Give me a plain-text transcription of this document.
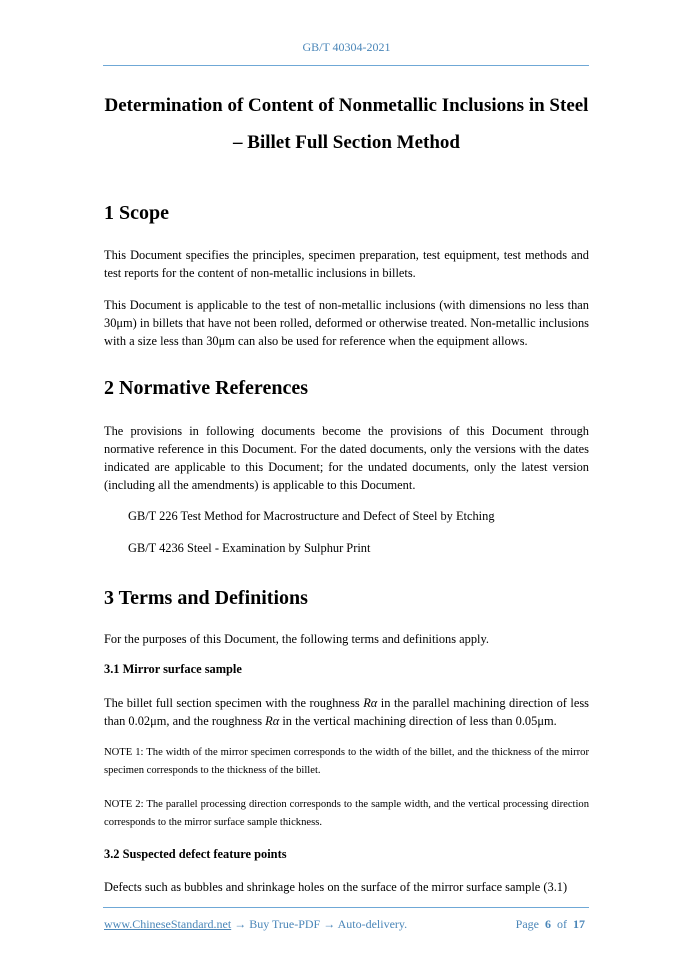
GB/T 40304-2021
Determination of Content of Nonmetallic Inclusions in Steel
– Billet Full Section Method
1 Scope
This Document specifies the principles, specimen preparation, test equipment, test methods and test reports for the content of non-metallic inclusions in billets.
This Document is applicable to the test of non-metallic inclusions (with dimensions no less than 30μm) in billets that have not been rolled, deformed or otherwise treated. Non-metallic inclusions with a size less than 30μm can also be used for reference when the equipment allows.
2 Normative References
The provisions in following documents become the provisions of this Document through normative reference in this Document. For the dated documents, only the versions with the dates indicated are applicable to this Document; for the undated documents, only the latest version (including all the amendments) is applicable to this Document.
GB/T 226 Test Method for Macrostructure and Defect of Steel by Etching
GB/T 4236 Steel - Examination by Sulphur Print
3 Terms and Definitions
For the purposes of this Document, the following terms and definitions apply.
3.1 Mirror surface sample
The billet full section specimen with the roughness Rα in the parallel machining direction of less than 0.02μm, and the roughness Rα in the vertical machining direction of less than 0.05μm.
NOTE 1: The width of the mirror specimen corresponds to the width of the billet, and the thickness of the mirror specimen corresponds to the thickness of the billet.
NOTE 2: The parallel processing direction corresponds to the sample width, and the vertical processing direction corresponds to the mirror surface sample thickness.
3.2 Suspected defect feature points
Defects such as bubbles and shrinkage holes on the surface of the mirror surface sample (3.1)
www.ChineseStandard.net → Buy True-PDF → Auto-delivery.	Page 6 of 17
